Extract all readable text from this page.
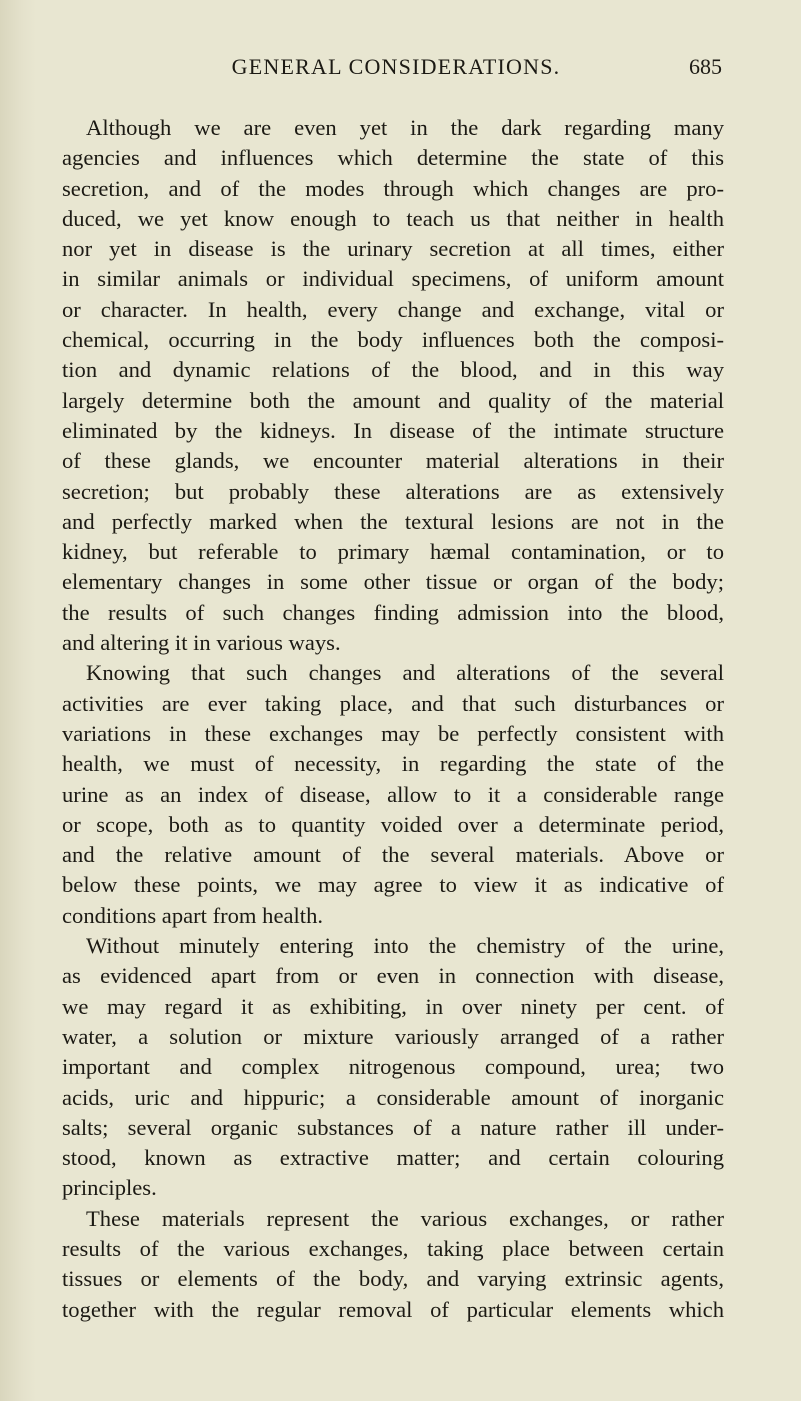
GENERAL CONSIDERATIONS.	685
Although we are even yet in the dark regarding many
agencies and influences which determine the state of this
secretion, and of the modes through which changes are pro-
duced, we yet know enough to teach us that neither in health
nor yet in disease is the urinary secretion at all times, either
in similar animals or individual specimens, of uniform amount
or character. In health, every change and exchange, vital or
chemical, occurring in the body influences both the composi-
tion and dynamic relations of the blood, and in this way
largely determine both the amount and quality of the material
eliminated by the kidneys. In disease of the intimate structure
of these glands, we encounter material alterations in their
secretion; but probably these alterations are as extensively
and perfectly marked when the textural lesions are not in the
kidney, but referable to primary hæmal contamination, or to
elementary changes in some other tissue or organ of the body;
the results of such changes finding admission into the blood,
and altering it in various ways.
Knowing that such changes and alterations of the several
activities are ever taking place, and that such disturbances or
variations in these exchanges may be perfectly consistent with
health, we must of necessity, in regarding the state of the
urine as an index of disease, allow to it a considerable range
or scope, both as to quantity voided over a determinate period,
and the relative amount of the several materials. Above or
below these points, we may agree to view it as indicative of
conditions apart from health.
Without minutely entering into the chemistry of the urine,
as evidenced apart from or even in connection with disease,
we may regard it as exhibiting, in over ninety per cent. of
water, a solution or mixture variously arranged of a rather
important and complex nitrogenous compound, urea; two
acids, uric and hippuric; a considerable amount of inorganic
salts; several organic substances of a nature rather ill under-
stood, known as extractive matter; and certain colouring
principles.
These materials represent the various exchanges, or rather
results of the various exchanges, taking place between certain
tissues or elements of the body, and varying extrinsic agents,
together with the regular removal of particular elements which
